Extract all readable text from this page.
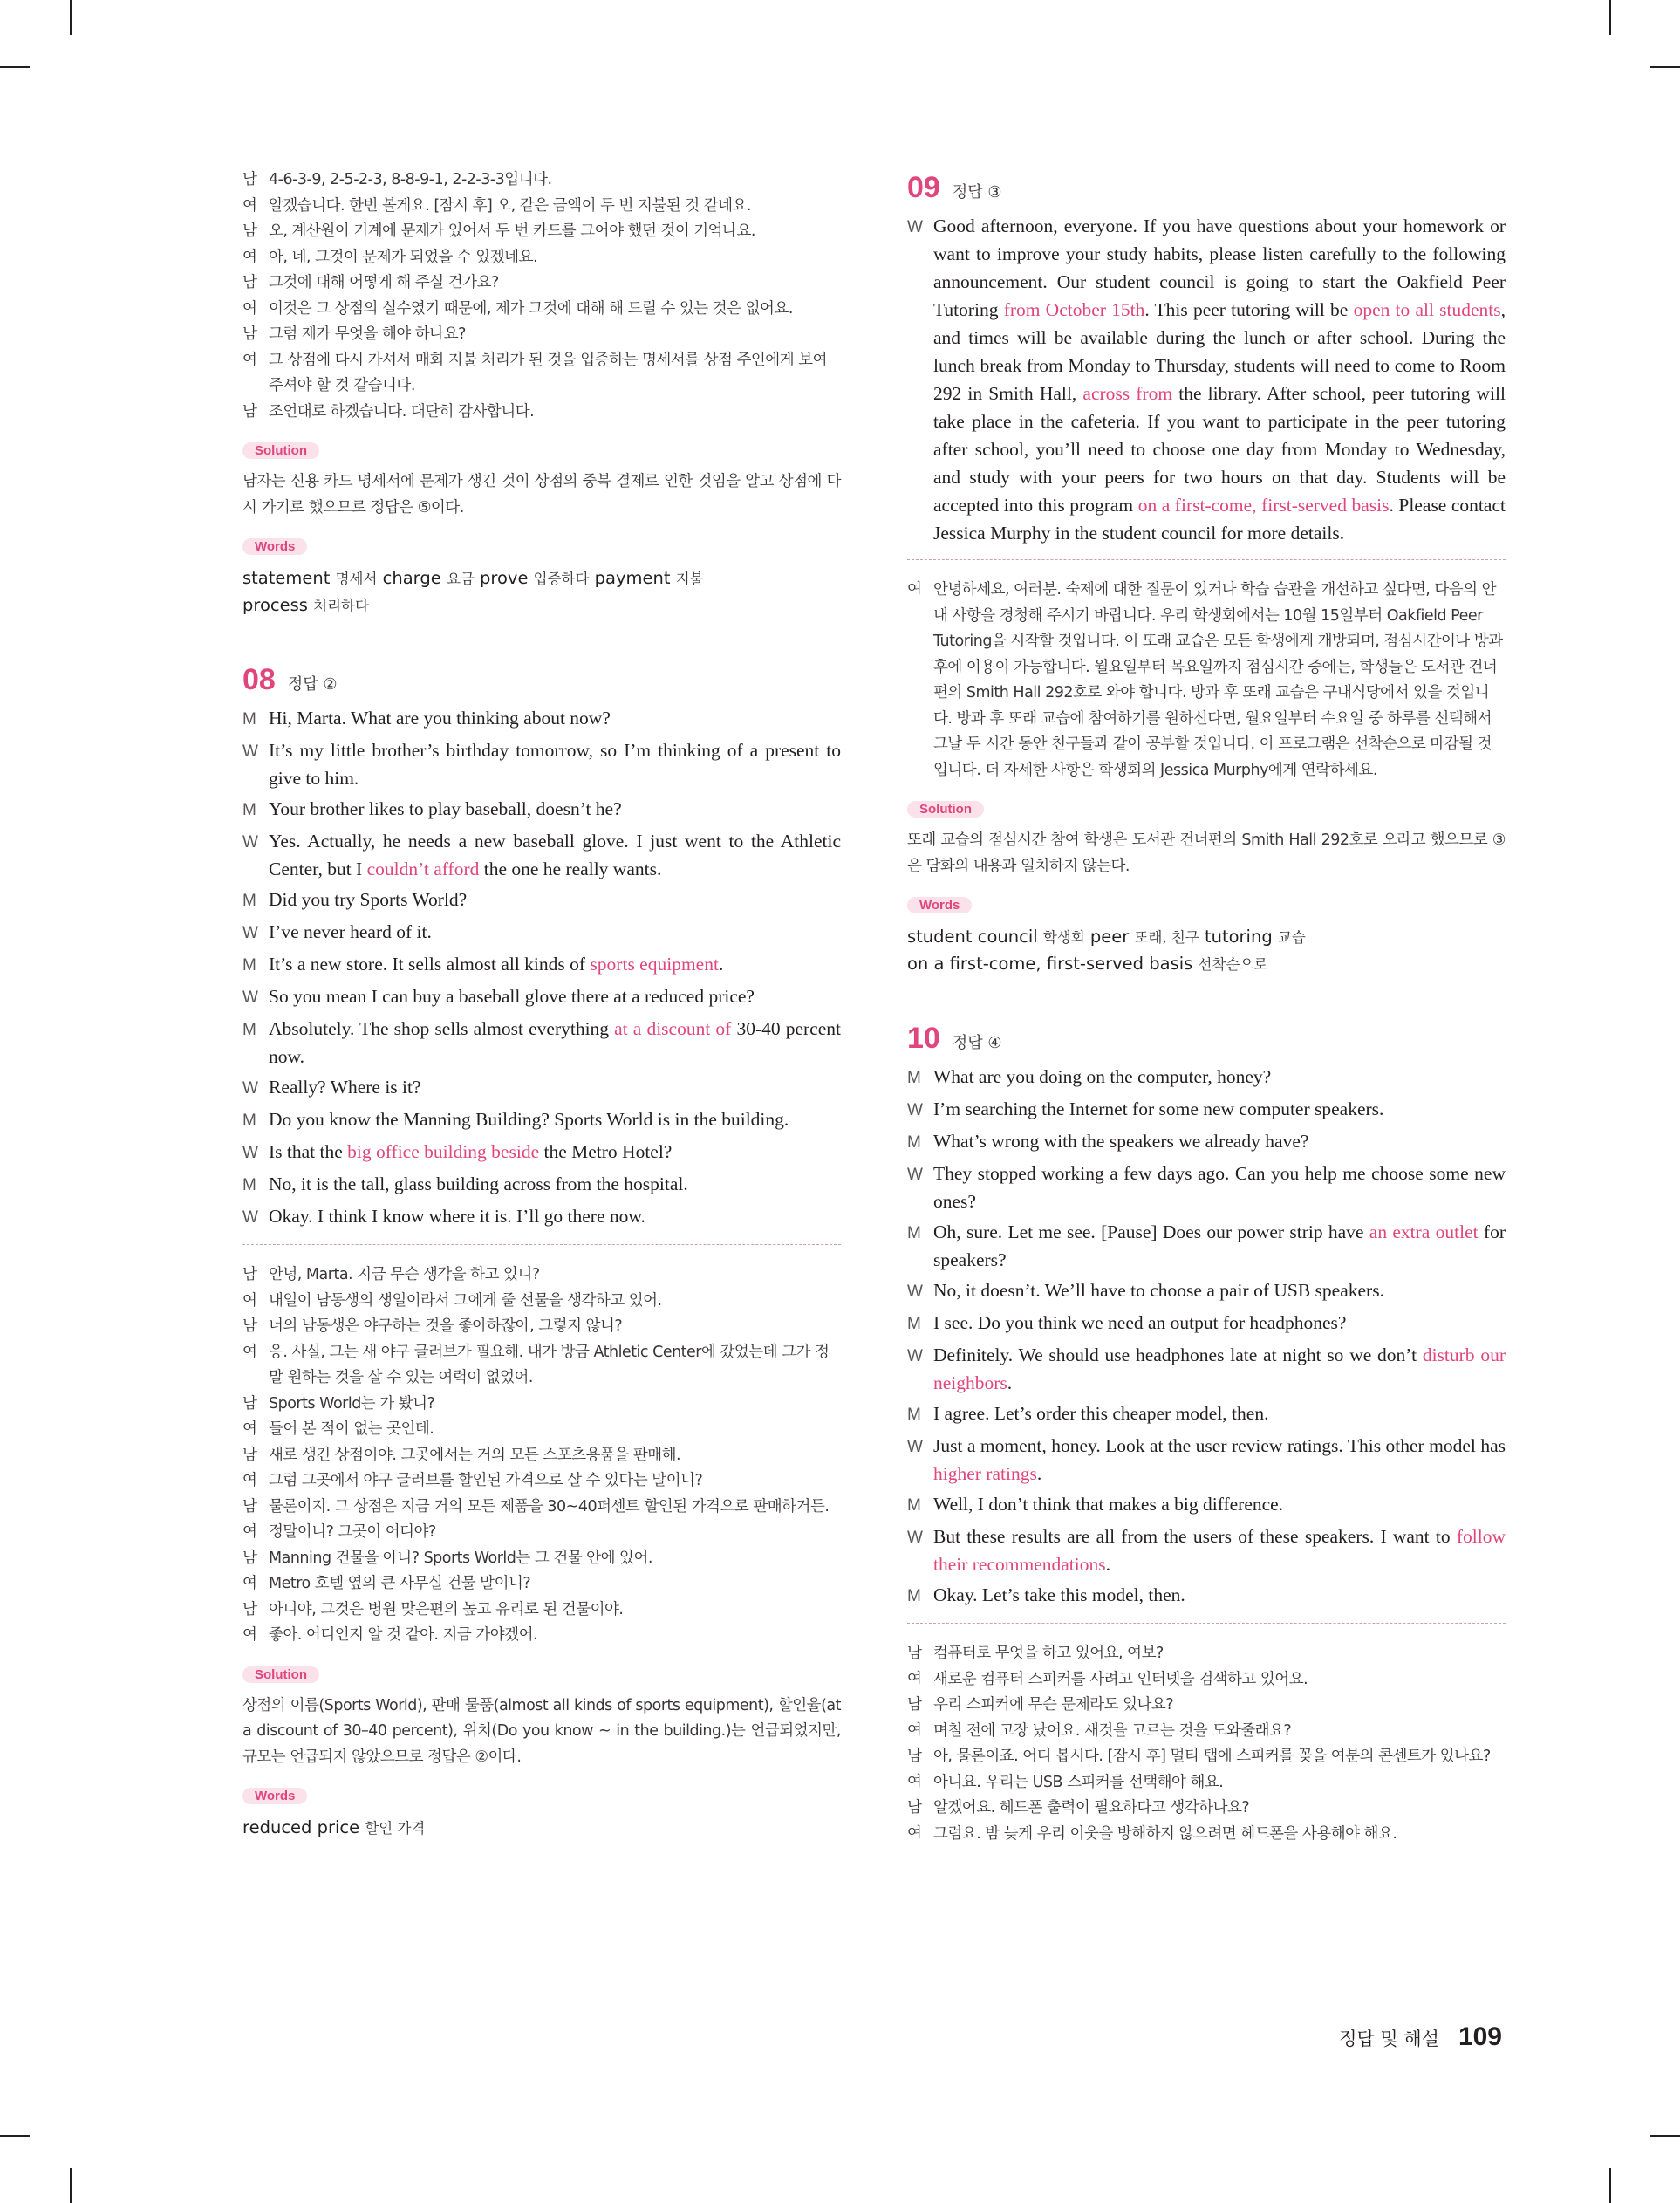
남 4-6-3-9, 2-5-2-3, 8-8-9-1, 2-2-3-3입니다.
여 알겠습니다. 한번 볼게요. [잠시 후] 오, 같은 금액이 두 번 지불된 것 같네요.
남 오, 계산원이 기계에 문제가 있어서 두 번 카드를 그어야 했던 것이 기억나요.
여 아, 네, 그것이 문제가 되었을 수 있겠네요.
남 그것에 대해 어떻게 해 주실 건가요?
여 이것은 그 상점의 실수였기 때문에, 제가 그것에 대해 해 드릴 수 있는 것은 없어요.
남 그럼 제가 무엇을 해야 하나요?
여 그 상점에 다시 가셔서 매회 지불 처리가 된 것을 입증하는 명세서를 상점 주인에게 보여 주셔야 할 것 같습니다.
남 조언대로 하겠습니다. 대단히 감사합니다.
Solution
남자는 신용 카드 명세서에 문제가 생긴 것이 상점의 중복 결제로 인한 것임을 알고 상점에 다시 가기로 했으므로 정답은 ⑤이다.
Words
statement 명세서 charge 요금 prove 입증하다 payment 지불
process 처리하다
08 정답 ②
M Hi, Marta. What are you thinking about now?
W It’s my little brother’s birthday tomorrow, so I’m thinking of a present to give to him.
M Your brother likes to play baseball, doesn’t he?
W Yes. Actually, he needs a new baseball glove. I just went to the Athletic Center, but I couldn’t afford the one he really wants.
M Did you try Sports World?
W I’ve never heard of it.
M It’s a new store. It sells almost all kinds of sports equipment.
W So you mean I can buy a baseball glove there at a reduced price?
M Absolutely. The shop sells almost everything at a discount of 30-40 percent now.
W Really? Where is it?
M Do you know the Manning Building? Sports World is in the building.
W Is that the big office building beside the Metro Hotel?
M No, it is the tall, glass building across from the hospital.
W Okay. I think I know where it is. I’ll go there now.
남 안녕, Marta. 지금 무슨 생각을 하고 있니?
여 내일이 남동생의 생일이라서 그에게 줄 선물을 생각하고 있어.
남 너의 남동생은 야구하는 것을 좋아하잖아, 그렇지 않니?
여 응. 사실, 그는 새 야구 글러브가 필요해. 내가 방금 Athletic Center에 갔었는데 그가 정말 원하는 것을 살 수 있는 여력이 없었어.
남 Sports World는 가 봤니?
여 들어 본 적이 없는 곳인데.
남 새로 생긴 상점이야. 그곳에서는 거의 모든 스포츠용품을 판매해.
여 그럼 그곳에서 야구 글러브를 할인된 가격으로 살 수 있다는 말이니?
남 물론이지. 그 상점은 지금 거의 모든 제품을 30~40퍼센트 할인된 가격으로 판매하거든.
여 정말이니? 그곳이 어디야?
남 Manning 건물을 아니? Sports World는 그 건물 안에 있어.
여 Metro 호텔 옆의 큰 사무실 건물 말이니?
남 아니야, 그것은 병원 맞은편의 높고 유리로 된 건물이야.
여 좋아. 어디인지 알 것 같아. 지금 가야겠어.
Solution
상점의 이름(Sports World), 판매 물품(almost all kinds of sports equipment), 할인율(at a discount of 30–40 percent), 위치(Do you know ~ in the building.)는 언급되었지만, 규모는 언급되지 않았으므로 정답은 ②이다.
Words
reduced price 할인 가격
09 정답 ③
W Good afternoon, everyone. If you have questions about your homework or want to improve your study habits, please listen carefully to the following announcement. Our student council is going to start the Oakfield Peer Tutoring from October 15th. This peer tutoring will be open to all students, and times will be available during the lunch or after school. During the lunch break from Monday to Thursday, students will need to come to Room 292 in Smith Hall, across from the library. After school, peer tutoring will take place in the cafeteria. If you want to participate in the peer tutoring after school, you’ll need to choose one day from Monday to Wednesday, and study with your peers for two hours on that day. Students will be accepted into this program on a first-come, first-served basis. Please contact Jessica Murphy in the student council for more details.
여 안녕하세요, 여러분. 숙제에 대한 질문이 있거나 학습 습관을 개선하고 싶다면, 다음의 안내 사항을 경청해 주시기 바랍니다. 우리 학생회에서는 10월 15일부터 Oakfield Peer Tutoring을 시작할 것입니다. 이 또래 교습은 모든 학생에게 개방되며, 점심시간이나 방과 후에 이용이 가능합니다. 월요일부터 목요일까지 점심시간 중에는, 학생들은 도서관 건너편의 Smith Hall 292호로 와야 합니다. 방과 후 또래 교습은 구내식당에서 있을 것입니다. 방과 후 또래 교습에 참여하기를 원하신다면, 월요일부터 수요일 중 하루를 선택해서 그날 두 시간 동안 친구들과 같이 공부할 것입니다. 이 프로그램은 선착순으로 마감될 것입니다. 더 자세한 사항은 학생회의 Jessica Murphy에게 연락하세요.
Solution
또래 교습의 점심시간 참여 학생은 도서관 건너편의 Smith Hall 292호로 오라고 했으므로 ③은 담화의 내용과 일치하지 않는다.
Words
student council 학생회 peer 또래, 친구 tutoring 교습
on a first-come, first-served basis 선착순으로
10 정답 ④
M What are you doing on the computer, honey?
W I’m searching the Internet for some new computer speakers.
M What’s wrong with the speakers we already have?
W They stopped working a few days ago. Can you help me choose some new ones?
M Oh, sure. Let me see. [Pause] Does our power strip have an extra outlet for speakers?
W No, it doesn’t. We’ll have to choose a pair of USB speakers.
M I see. Do you think we need an output for headphones?
W Definitely. We should use headphones late at night so we don’t disturb our neighbors.
M I agree. Let’s order this cheaper model, then.
W Just a moment, honey. Look at the user review ratings. This other model has higher ratings.
M Well, I don’t think that makes a big difference.
W But these results are all from the users of these speakers. I want to follow their recommendations.
M Okay. Let’s take this model, then.
남 컴퓨터로 무엇을 하고 있어요, 여보?
여 새로운 컴퓨터 스피커를 사려고 인터넷을 검색하고 있어요.
남 우리 스피커에 무슨 문제라도 있나요?
여 며칠 전에 고장 났어요. 새것을 고르는 것을 도와줄래요?
남 아, 물론이죠. 어디 봅시다. [잠시 후] 멀티 탭에 스피커를 꽂을 여분의 콘센트가 있나요?
여 아니요. 우리는 USB 스피커를 선택해야 해요.
남 알겠어요. 헤드폰 출력이 필요하다고 생각하나요?
여 그럼요. 밤 늦게 우리 이웃을 방해하지 않으려면 헤드폰을 사용해야 해요.
정답 및 해설 109
